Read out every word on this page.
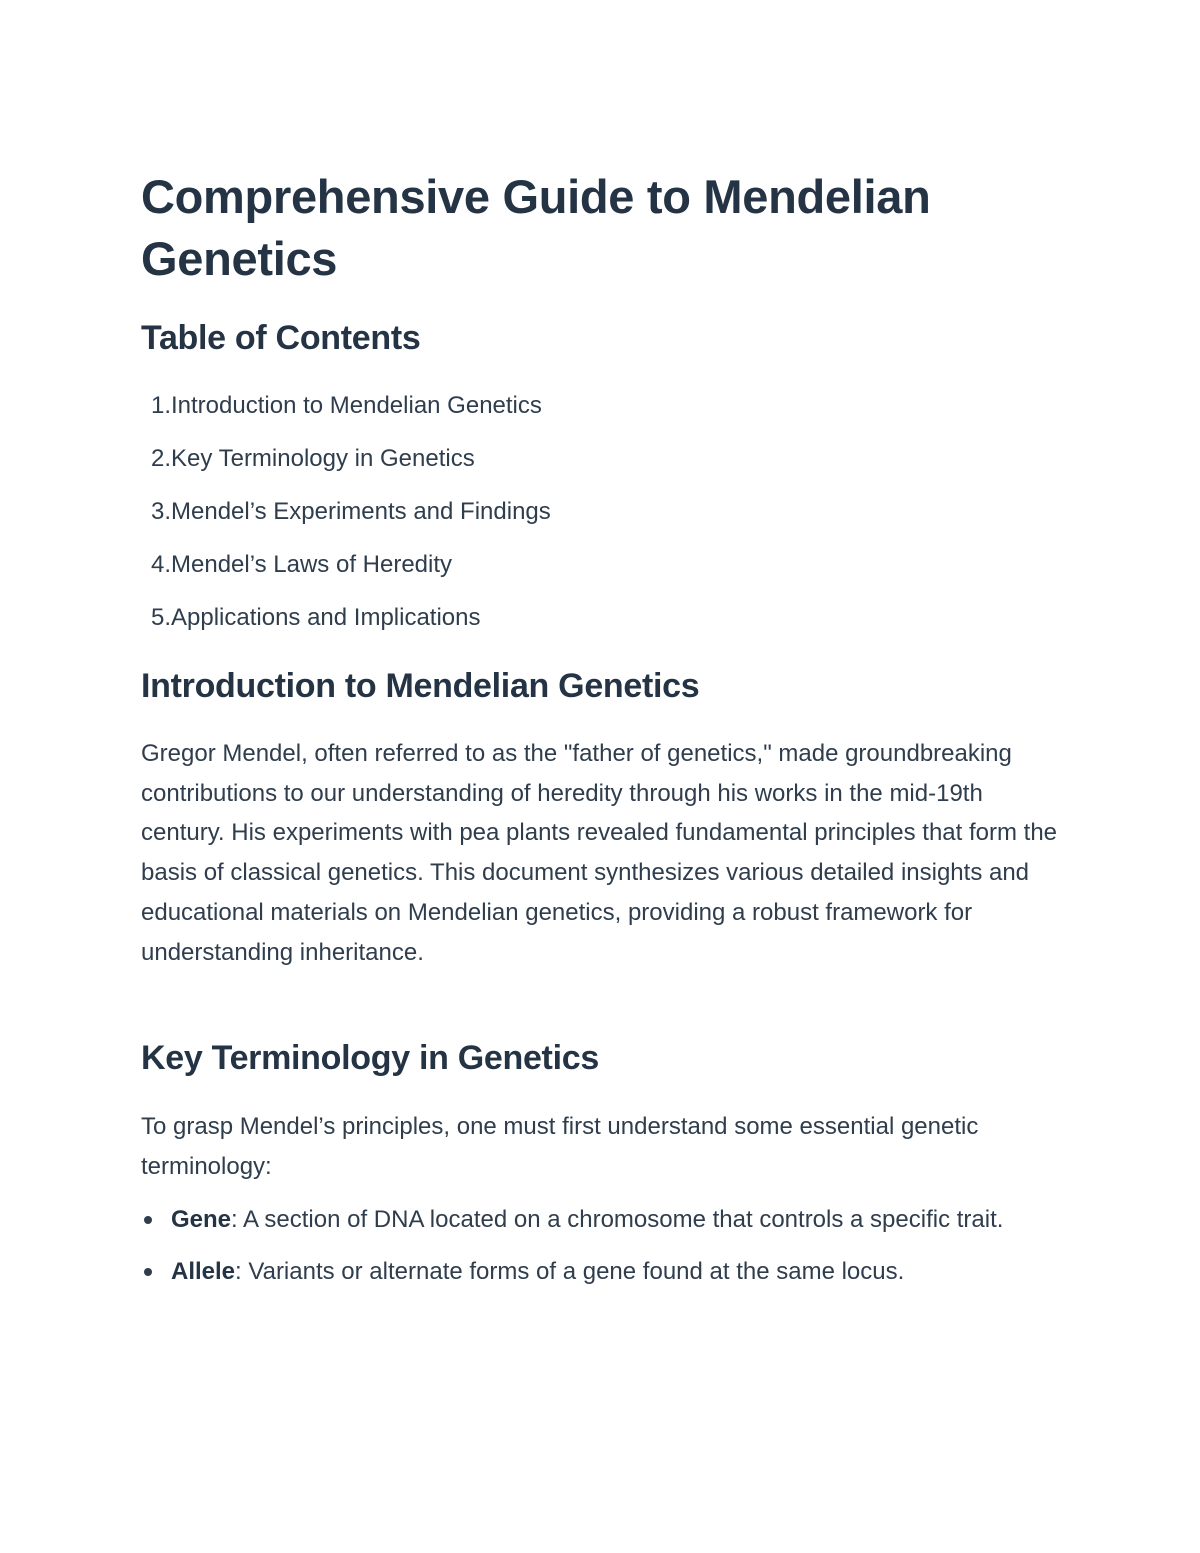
Comprehensive Guide to Mendelian Genetics
Table of Contents
1. Introduction to Mendelian Genetics
2. Key Terminology in Genetics
3. Mendel’s Experiments and Findings
4. Mendel’s Laws of Heredity
5. Applications and Implications
Introduction to Mendelian Genetics

Gregor Mendel, often referred to as the "father of genetics," made groundbreaking contributions to our understanding of heredity through his works in the mid-19th century. His experiments with pea plants revealed fundamental principles that form the basis of classical genetics. This document synthesizes various detailed insights and educational materials on Mendelian genetics, providing a robust framework for understanding inheritance.

Key Terminology in Genetics

To grasp Mendel’s principles, one must first understand some essential genetic terminology:

Gene: A section of DNA located on a chromosome that controls a specific trait.
Allele: Variants or alternate forms of a gene found at the same locus.
